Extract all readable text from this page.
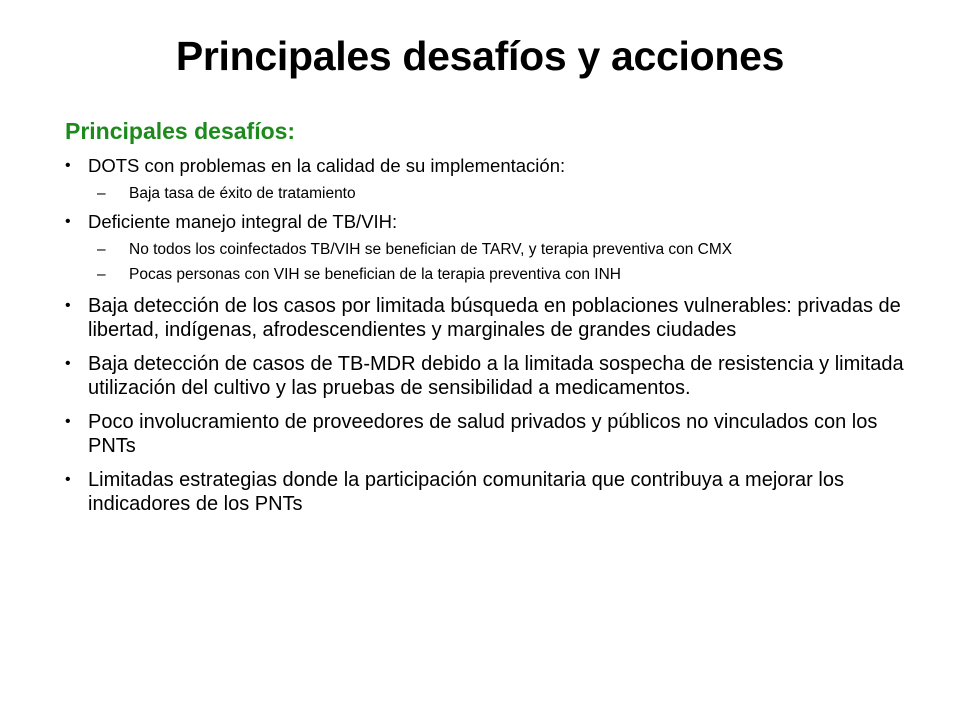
Principales desafíos y acciones
Principales desafíos:
• DOTS con problemas en la calidad de su implementación:
– Baja tasa de éxito de tratamiento
• Deficiente manejo integral de TB/VIH:
– No todos los coinfectados TB/VIH se benefician de TARV, y terapia preventiva con CMX
– Pocas personas con VIH se benefician de la terapia preventiva con INH
• Baja detección de los casos por limitada búsqueda en poblaciones vulnerables: privadas de libertad, indígenas, afrodescendientes y marginales de grandes ciudades
• Baja detección de casos de TB-MDR debido a la limitada sospecha de resistencia y limitada utilización del cultivo y las pruebas de sensibilidad a medicamentos.
• Poco involucramiento de proveedores de salud privados y públicos no vinculados con los PNTs
• Limitadas estrategias donde la participación comunitaria que contribuya a mejorar los indicadores de los PNTs
